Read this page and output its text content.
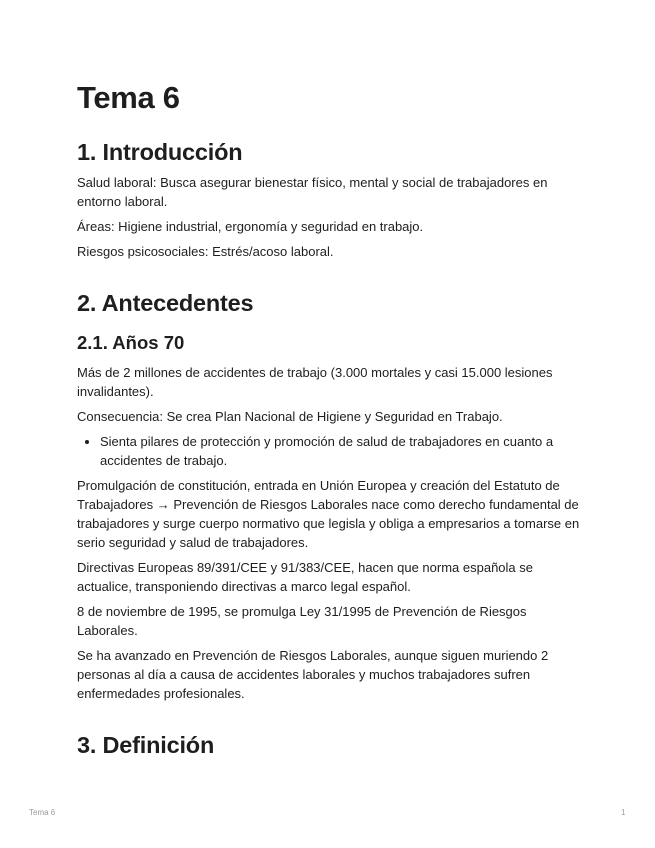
Tema 6
1. Introducción

Salud laboral: Busca asegurar bienestar físico, mental y social de trabajadores en entorno laboral.

Áreas: Higiene industrial, ergonomía y seguridad en trabajo.

Riesgos psicosociales: Estrés/acoso laboral.

2. Antecedentes
2.1. Años 70

Más de 2 millones de accidentes de trabajo (3.000 mortales y casi 15.000 lesiones invalidantes).

Consecuencia: Se crea Plan Nacional de Higiene y Seguridad en Trabajo.

• Sienta pilares de protección y promoción de salud de trabajadores en cuanto a accidentes de trabajo.

Promulgación de constitución, entrada en Unión Europea y creación del Estatuto de Trabajadores → Prevención de Riesgos Laborales nace como derecho fundamental de trabajadores y surge cuerpo normativo que legisla y obliga a empresarios a tomarse en serio seguridad y salud de trabajadores.

Directivas Europeas 89/391/CEE y 91/383/CEE, hacen que norma española se actualice, transponiendo directivas a marco legal español.

8 de noviembre de 1995, se promulga Ley 31/1995 de Prevención de Riesgos Laborales.

Se ha avanzado en Prevención de Riesgos Laborales, aunque siguen muriendo 2 personas al día a causa de accidentes laborales y muchos trabajadores sufren enfermedades profesionales.

3. Definición
Tema 6	1
